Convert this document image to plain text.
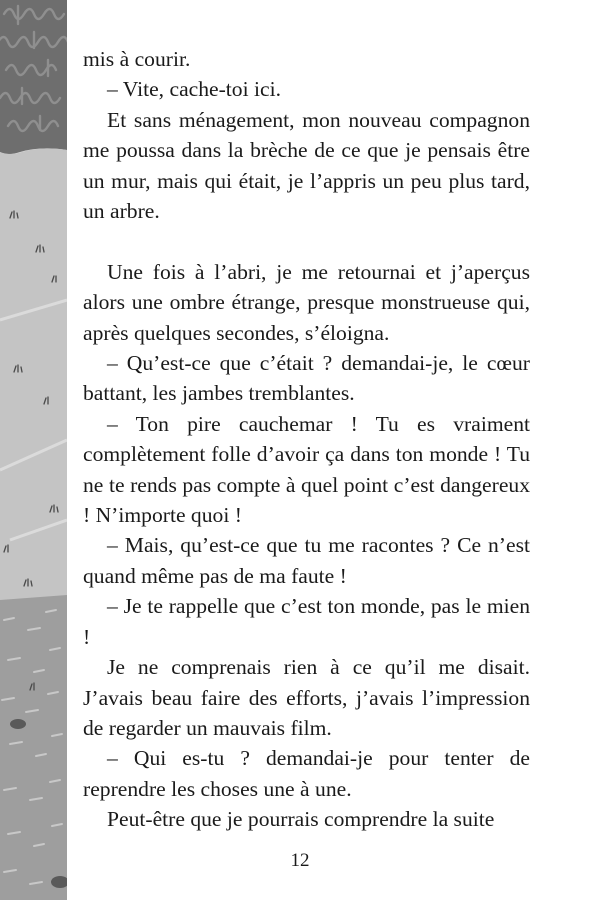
mis à courir.

– Vite, cache-toi ici.

Et sans ménagement, mon nouveau compagnon me poussa dans la brèche de ce que je pensais être un mur, mais qui était, je l’appris un peu plus tard, un arbre.

Une fois à l’abri, je me retournai et j’aperçus alors une ombre étrange, presque monstrueuse qui, après quelques secondes, s’éloigna.

– Qu’est-ce que c’était ? demandai-je, le cœur battant, les jambes tremblantes.

– Ton pire cauchemar ! Tu es vraiment complètement folle d’avoir ça dans ton monde ! Tu ne te rends pas compte à quel point c’est dangereux ! N’importe quoi !

– Mais, qu’est-ce que tu me racontes ? Ce n’est quand même pas de ma faute !

– Je te rappelle que c’est ton monde, pas le mien !

Je ne comprenais rien à ce qu’il me disait. J’avais beau faire des efforts, j’avais l’impression de regarder un mauvais film.

– Qui es-tu ? demandai-je pour tenter de reprendre les choses une à une.

Peut-être que je pourrais comprendre la suite

12
